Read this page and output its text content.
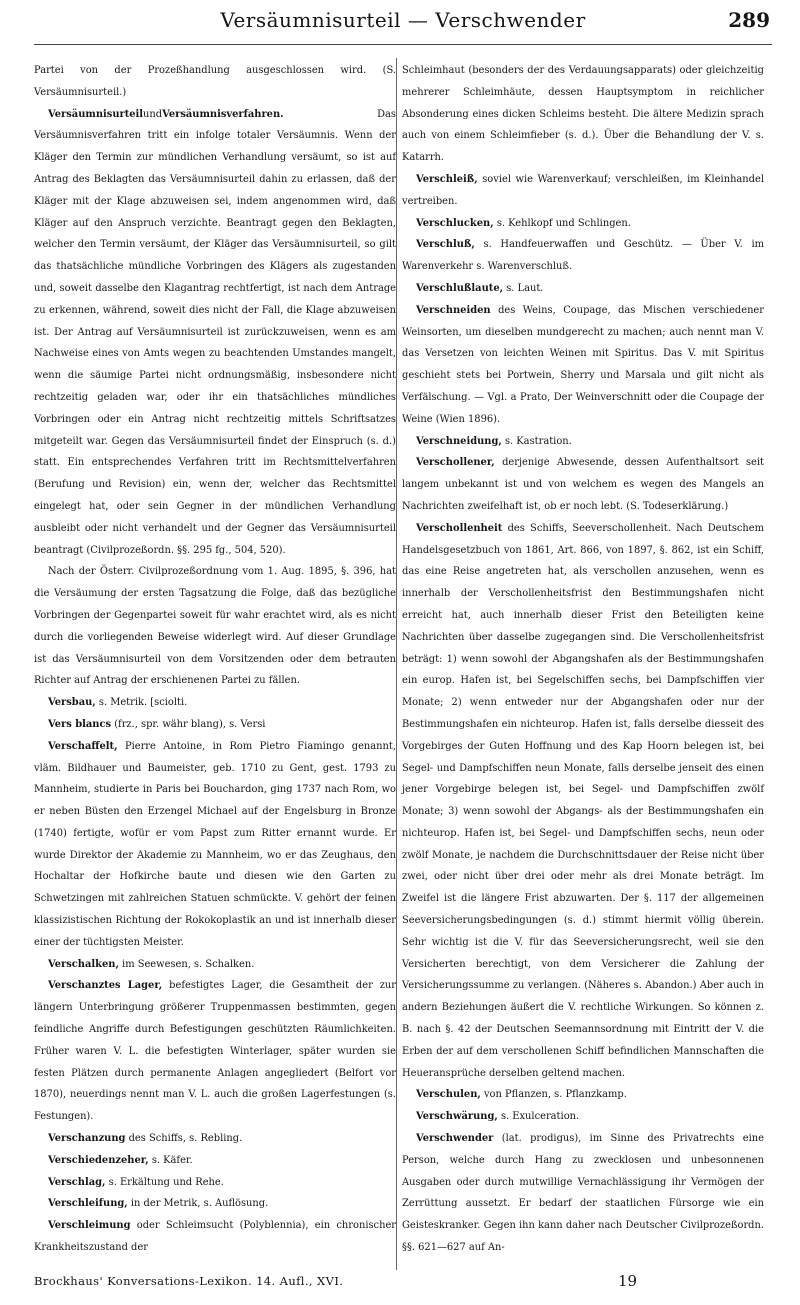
Versäumnisurteil — Verschwender	289

Partei von der Prozeßhandlung ausgeschlossen wird. (S. Versäumnisurteil.)

VersäumnisurteilundVersäumnisverfahren.	Das Versäumnisverfahren tritt ein infolge totaler Versäumnis. Wenn der Kläger den Termin zur mündlichen Verhandlung versäumt, so ist auf Antrag des Beklagten das Versäumnisurteil dahin zu erlassen, daß der Kläger mit der Klage abzuweisen sei, indem angenommen wird, daß Kläger auf den Anspruch verzichte. Beantragt gegen den Beklagten, welcher den Termin versäumt, der Kläger das Versäumnisurteil, so gilt das thatsächliche mündliche Vorbringen des Klägers als zugestanden und, soweit dasselbe den Klagantrag rechtfertigt, ist nach dem Antrage zu erkennen, während, soweit dies nicht der Fall, die Klage abzuweisen ist. Der Antrag auf Versäumnisurteil ist zurückzuweisen, wenn es am Nachweise eines von Amts wegen zu beachtenden Umstandes mangelt, wenn die säumige Partei nicht ordnungsmäßig, insbesondere nicht rechtzeitig geladen war, oder ihr ein thatsächliches mündliches Vorbringen oder ein Antrag nicht rechtzeitig mittels Schriftsatzes mitgeteilt war. Gegen das Versäumnisurteil findet der Einspruch (s. d.) statt. Ein entsprechendes Verfahren tritt im Rechtsmittelverfahren (Berufung und Revision) ein, wenn der, welcher das Rechtsmittel eingelegt hat, oder sein Gegner in der mündlichen Verhandlung ausbleibt oder nicht verhandelt und der Gegner das Versäumnisurteil beantragt (Civilprozeßordn. §§. 295 fg., 504, 520).

Nach der Österr. Civilprozeßordnung vom 1. Aug. 1895, §. 396, hat die Versäumung der ersten Tagsatzung die Folge, daß das bezügliche Vorbringen der Gegenpartei soweit für wahr erachtet wird, als es nicht durch die vorliegenden Beweise widerlegt wird. Auf dieser Grundlage ist das Versäumnisurteil von dem Vorsitzenden oder dem betrauten Richter auf Antrag der erschienenen Partei zu fällen.

Versbau, s. Metrik. [sciolti.

Vers blancs (frz., spr. währ blang), s. Versi

Verschaffelt, Pierre Antoine, in Rom Pietro Fiamingo genannt, vläm. Bildhauer und Baumeister, geb. 1710 zu Gent, gest. 1793 zu Mannheim, studierte in Paris bei Bouchardon, ging 1737 nach Rom, wo er neben Büsten den Erzengel Michael auf der Engelsburg in Bronze (1740) fertigte, wofür er vom Papst zum Ritter ernannt wurde. Er wurde Direktor der Akademie zu Mannheim, wo er das Zeughaus, den Hochaltar der Hofkirche baute und diesen wie den Garten zu Schwetzingen mit zahlreichen Statuen schmückte. V. gehört der feinen klassizistischen Richtung der Rokokoplastik an und ist innerhalb dieser einer der tüchtigsten Meister.

Verschalken, im Seewesen, s. Schalken.

Verschanztes Lager, befestigtes Lager, die Gesamtheit der zur längern Unterbringung größerer Truppenmassen bestimmten, gegen feindliche Angriffe durch Befestigungen geschützten Räumlichkeiten. Früher waren V. L. die befestigten Winterlager, später wurden sie festen Plätzen durch permanente Anlagen angegliedert (Belfort vor 1870), neuerdings nennt man V. L. auch die großen Lagerfestungen (s. Festungen).

Verschanzung des Schiffs, s. Rebling.

Verschiedenzeher, s. Käfer.

Verschlag, s. Erkältung und Rehe.

Verschleifung, in der Metrik, s. Auflösung.

Verschleimung oder Schleimsucht (Polyblennia), ein chronischer Krankheitszustand der

Schleimhaut (besonders der des Verdauungsapparats) oder gleichzeitig mehrerer Schleimhäute, dessen Hauptsymptom in reichlicher Absonderung eines dicken Schleims besteht. Die ältere Medizin sprach auch von einem Schleimfieber (s. d.). Über die Behandlung der V. s. Katarrh.

Verschleiß, soviel wie Warenverkauf; verschleißen, im Kleinhandel vertreiben.

Verschlucken, s. Kehlkopf und Schlingen.

Verschluß, s. Handfeuerwaffen und Geschütz. — Über V. im Warenverkehr s. Warenverschluß.

Verschlußlaute, s. Laut.

Verschneiden des Weins, Coupage, das Mischen verschiedener Weinsorten, um dieselben mundgerecht zu machen; auch nennt man V. das Versetzen von leichten Weinen mit Spiritus. Das V. mit Spiritus geschieht stets bei Portwein, Sherry und Marsala und gilt nicht als Verfälschung. — Vgl. a Prato, Der Weinverschnitt oder die Coupage der Weine (Wien 1896).

Verschneidung, s. Kastration.

Verschollener, derjenige Abwesende, dessen Aufenthaltsort seit langem unbekannt ist und von welchem es wegen des Mangels an Nachrichten zweifelhaft ist, ob er noch lebt. (S. Todeserklärung.)

Verschollenheit des Schiffs, Seeverschollenheit. Nach Deutschem Handelsgesetzbuch von 1861, Art. 866, von 1897, §. 862, ist ein Schiff, das eine Reise angetreten hat, als verschollen anzusehen, wenn es innerhalb der Verschollenheitsfrist den Bestimmungshafen nicht erreicht hat, auch innerhalb dieser Frist den Beteiligten keine Nachrichten über dasselbe zugegangen sind. Die Verschollenheitsfrist beträgt: 1) wenn sowohl der Abgangshafen als der Bestimmungshafen ein europ. Hafen ist, bei Segelschiffen sechs, bei Dampfschiffen vier Monate; 2) wenn entweder nur der Abgangshafen oder nur der Bestimmungshafen ein nichteurop. Hafen ist, falls derselbe diesseit des Vorgebirges der Guten Hoffnung und des Kap Hoorn belegen ist, bei Segel- und Dampfschiffen neun Monate, falls derselbe jenseit des einen jener Vorgebirge belegen ist, bei Segel- und Dampfschiffen zwölf Monate; 3) wenn sowohl der Abgangs- als der Bestimmungshafen ein nichteurop. Hafen ist, bei Segel- und Dampfschiffen sechs, neun oder zwölf Monate, je nachdem die Durchschnittsdauer der Reise nicht über zwei, oder nicht über drei oder mehr als drei Monate beträgt. Im Zweifel ist die längere Frist abzuwarten. Der §. 117 der allgemeinen Seeversicherungsbedingungen (s. d.) stimmt hiermit völlig überein. Sehr wichtig ist die V. für das Seeversicherungsrecht, weil sie den Versicherten berechtigt, von dem Versicherer die Zahlung der Versicherungssumme zu verlangen. (Näheres s. Abandon.) Aber auch in andern Beziehungen äußert die V. rechtliche Wirkungen. So können z. B. nach §. 42 der Deutschen Seemannsordnung mit Eintritt der V. die Erben der auf dem verschollenen Schiff befindlichen Mannschaften die Heueransprüche derselben geltend machen.

Verschulen, von Pflanzen, s. Pflanzkamp.

Verschwärung, s. Exulceration.

Verschwender (lat. prodigus), im Sinne des Privatrechts eine Person, welche durch Hang zu zwecklosen und unbesonnenen Ausgaben oder durch mutwillige Vernachlässigung ihr Vermögen der Zerrüttung aussetzt. Er bedarf der staatlichen Fürsorge wie ein Geisteskranker. Gegen ihn kann daher nach Deutscher Civilprozeßordn. §§. 621—627 auf An-

Brockhaus' Konversations-Lexikon. 14. Aufl., XVI.	19
